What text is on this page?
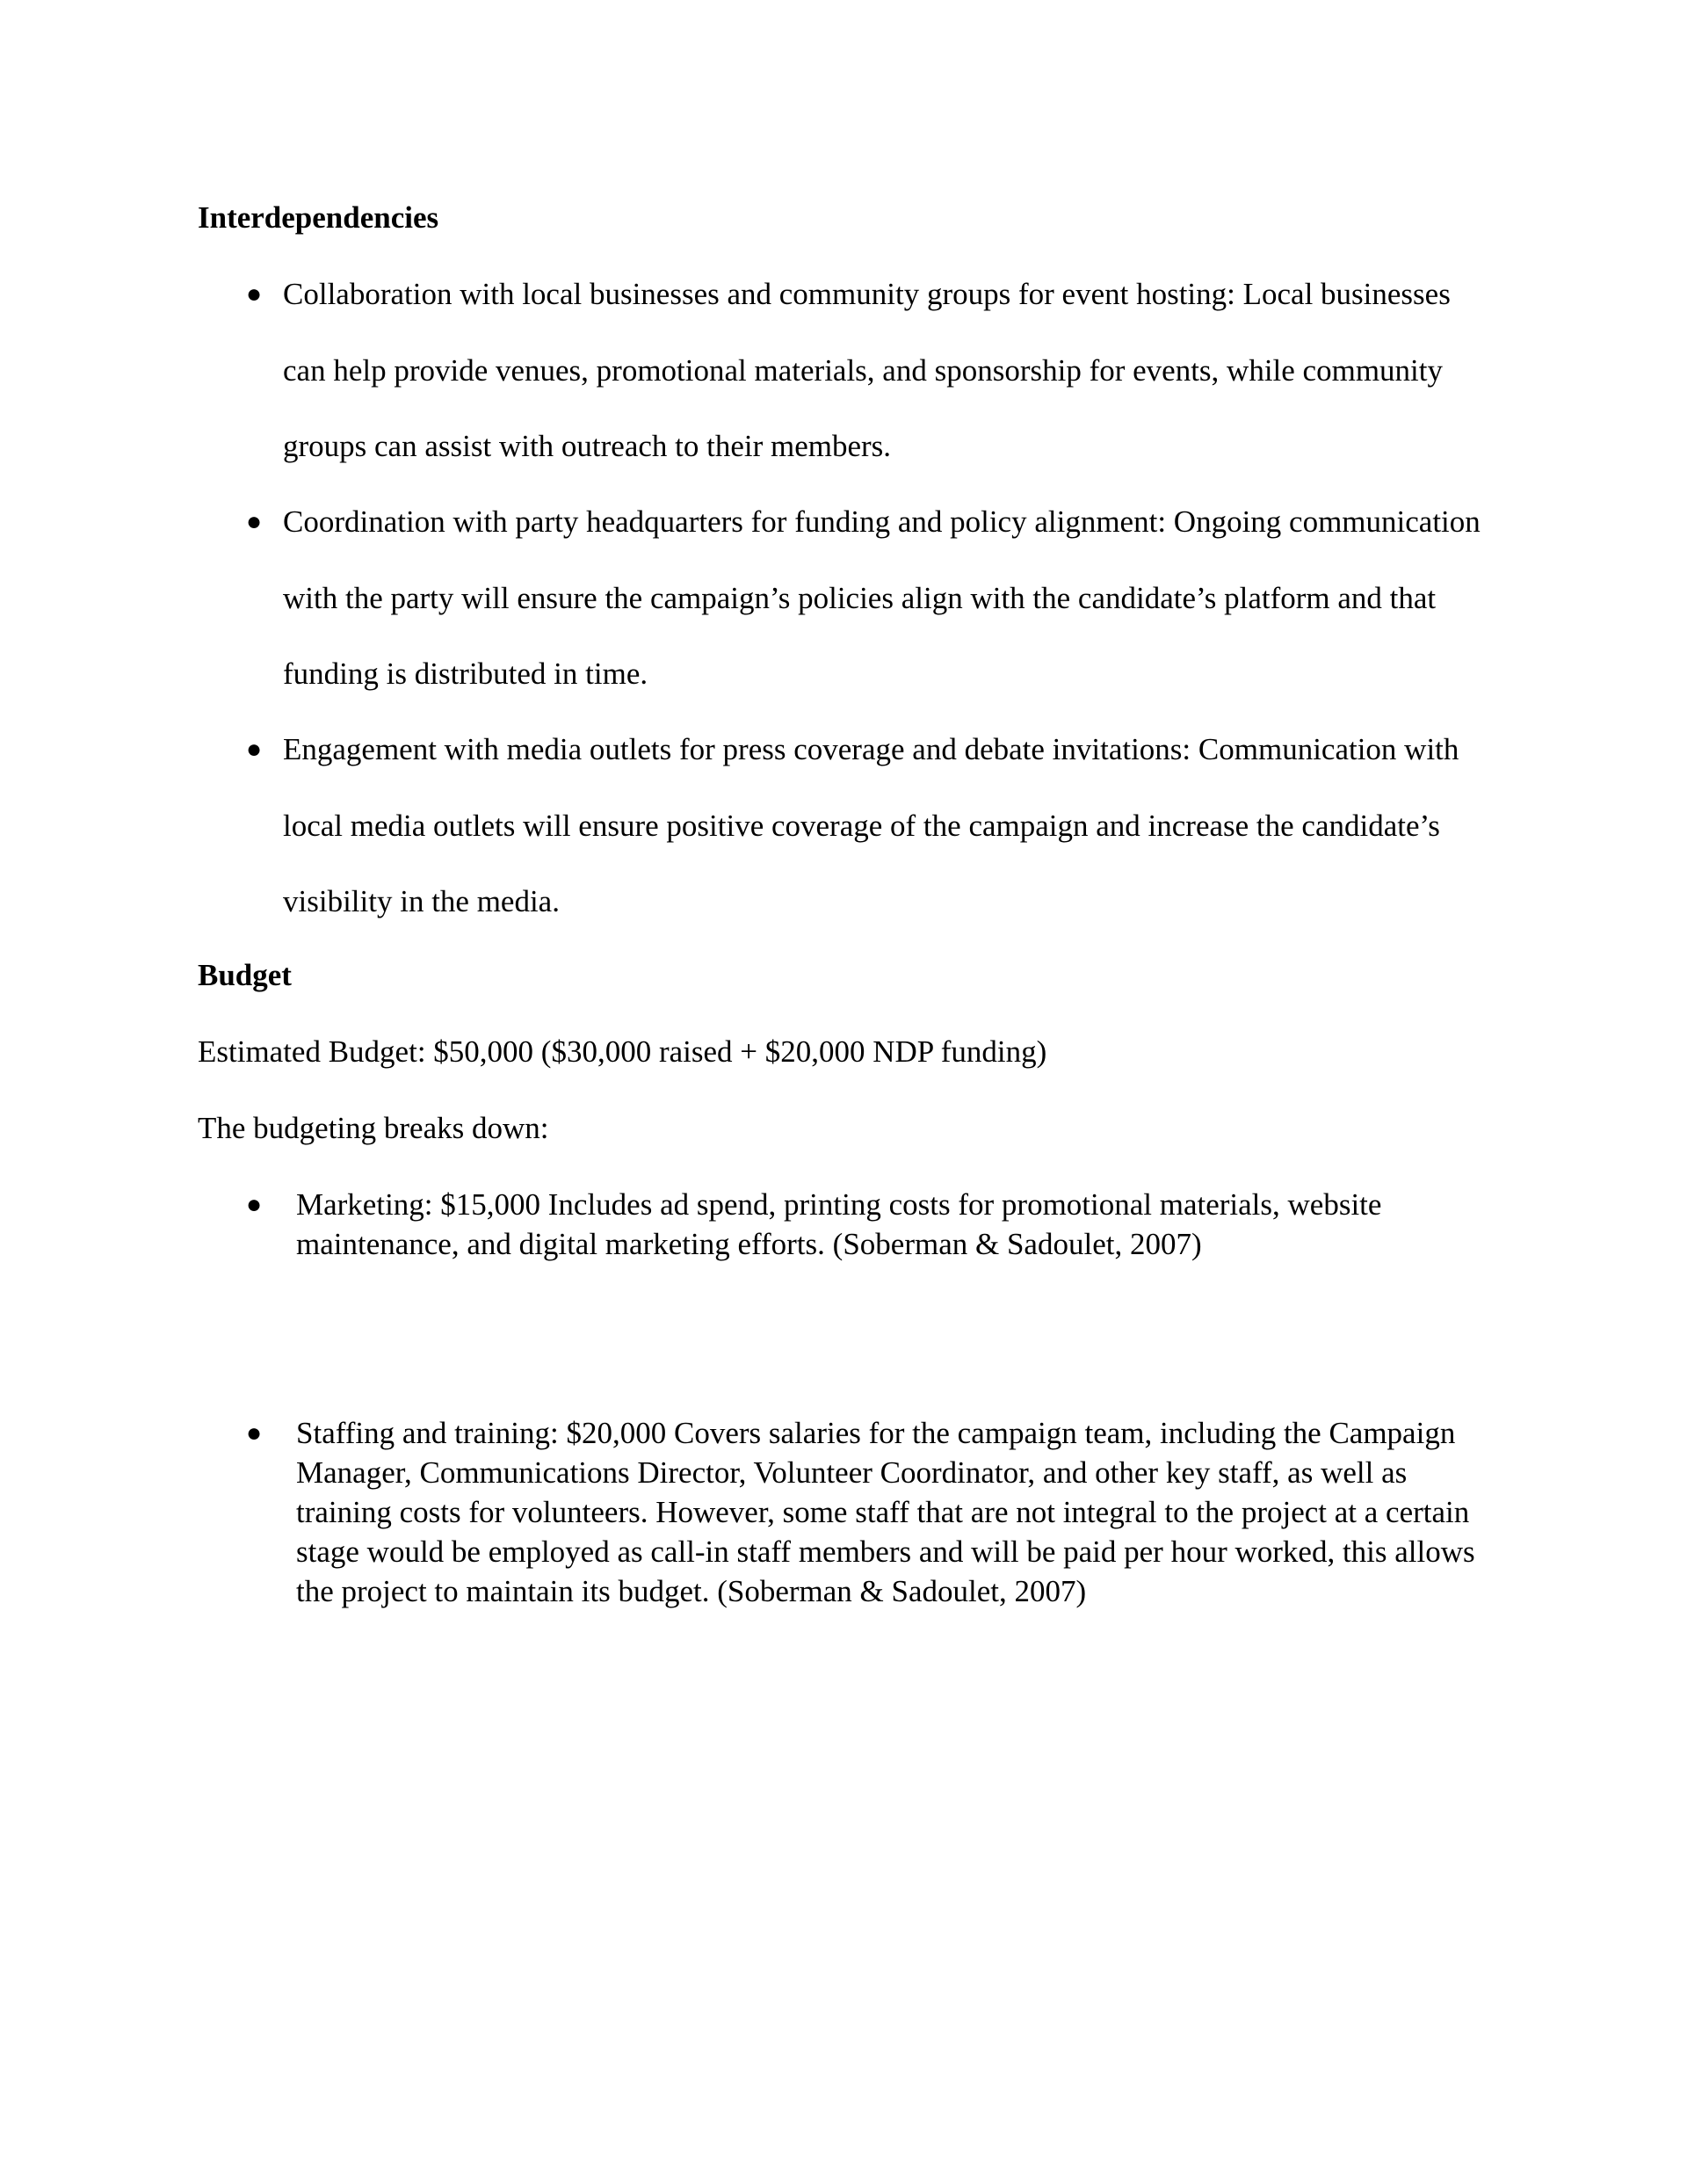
Interdependencies
● Collaboration with local businesses and community groups for event hosting: Local businesses can help provide venues, promotional materials, and sponsorship for events, while community groups can assist with outreach to their members.
● Coordination with party headquarters for funding and policy alignment: Ongoing communication with the party will ensure the campaign’s policies align with the candidate’s platform and that funding is distributed in time.
● Engagement with media outlets for press coverage and debate invitations: Communication with local media outlets will ensure positive coverage of the campaign and increase the candidate’s visibility in the media.
Budget

Estimated Budget: $50,000 ($30,000 raised + $20,000 NDP funding)

The budgeting breaks down:

● Marketing: $15,000 Includes ad spend, printing costs for promotional materials, website maintenance, and digital marketing efforts. (Soberman & Sadoulet, 2007)
● Staffing and training: $20,000 Covers salaries for the campaign team, including the Campaign Manager, Communications Director, Volunteer Coordinator, and other key staff, as well as training costs for volunteers. However, some staff that are not integral to the project at a certain stage would be employed as call-in staff members and will be paid per hour worked, this allows the project to maintain its budget. (Soberman & Sadoulet, 2007)
